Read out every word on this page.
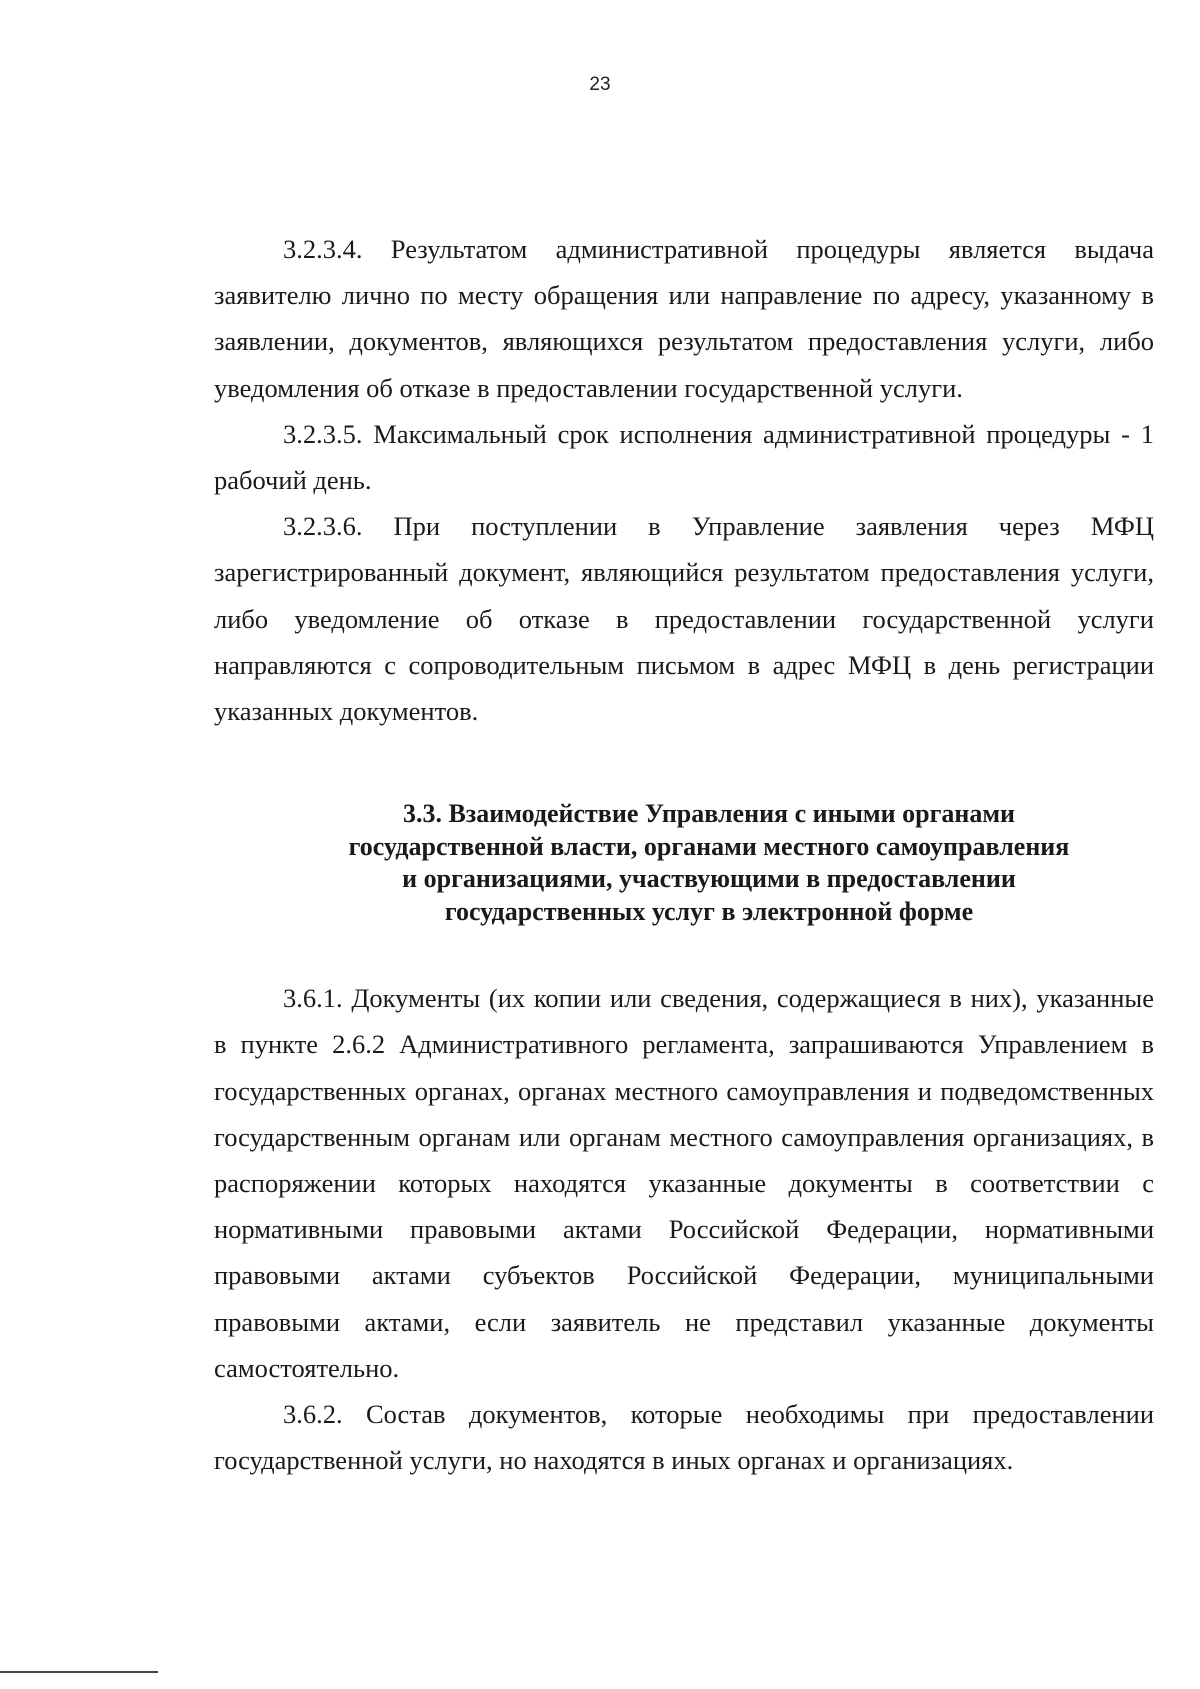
23

3.2.3.4. Результатом административной процедуры является выдача заявителю лично по месту обращения или направление по адресу, указанному в заявлении, документов, являющихся результатом предоставления услуги, либо уведомления об отказе в предоставлении государственной услуги.

3.2.3.5. Максимальный срок исполнения административной процедуры - 1 рабочий день.

3.2.3.6. При поступлении в Управление заявления через МФЦ зарегистрированный документ, являющийся результатом предоставления услуги, либо уведомление об отказе в предоставлении государственной услуги направляются с сопроводительным письмом в адрес МФЦ в день регистрации указанных документов.

3.3. Взаимодействие Управления с иными органами
государственной власти, органами местного самоуправления
и организациями, участвующими в предоставлении
государственных услуг в электронной форме

3.6.1. Документы (их копии или сведения, содержащиеся в них), указанные в пункте 2.6.2 Административного регламента, запрашиваются Управлением в государственных органах, органах местного самоуправления и подведомственных государственным органам или органам местного самоуправления организациях, в распоряжении которых находятся указанные документы в соответствии с нормативными правовыми актами Российской Федерации, нормативными правовыми актами субъектов Российской Федерации, муниципальными правовыми актами, если заявитель не представил указанные документы самостоятельно.

3.6.2. Состав документов, которые необходимы при предоставлении государственной услуги, но находятся в иных органах и организациях.
